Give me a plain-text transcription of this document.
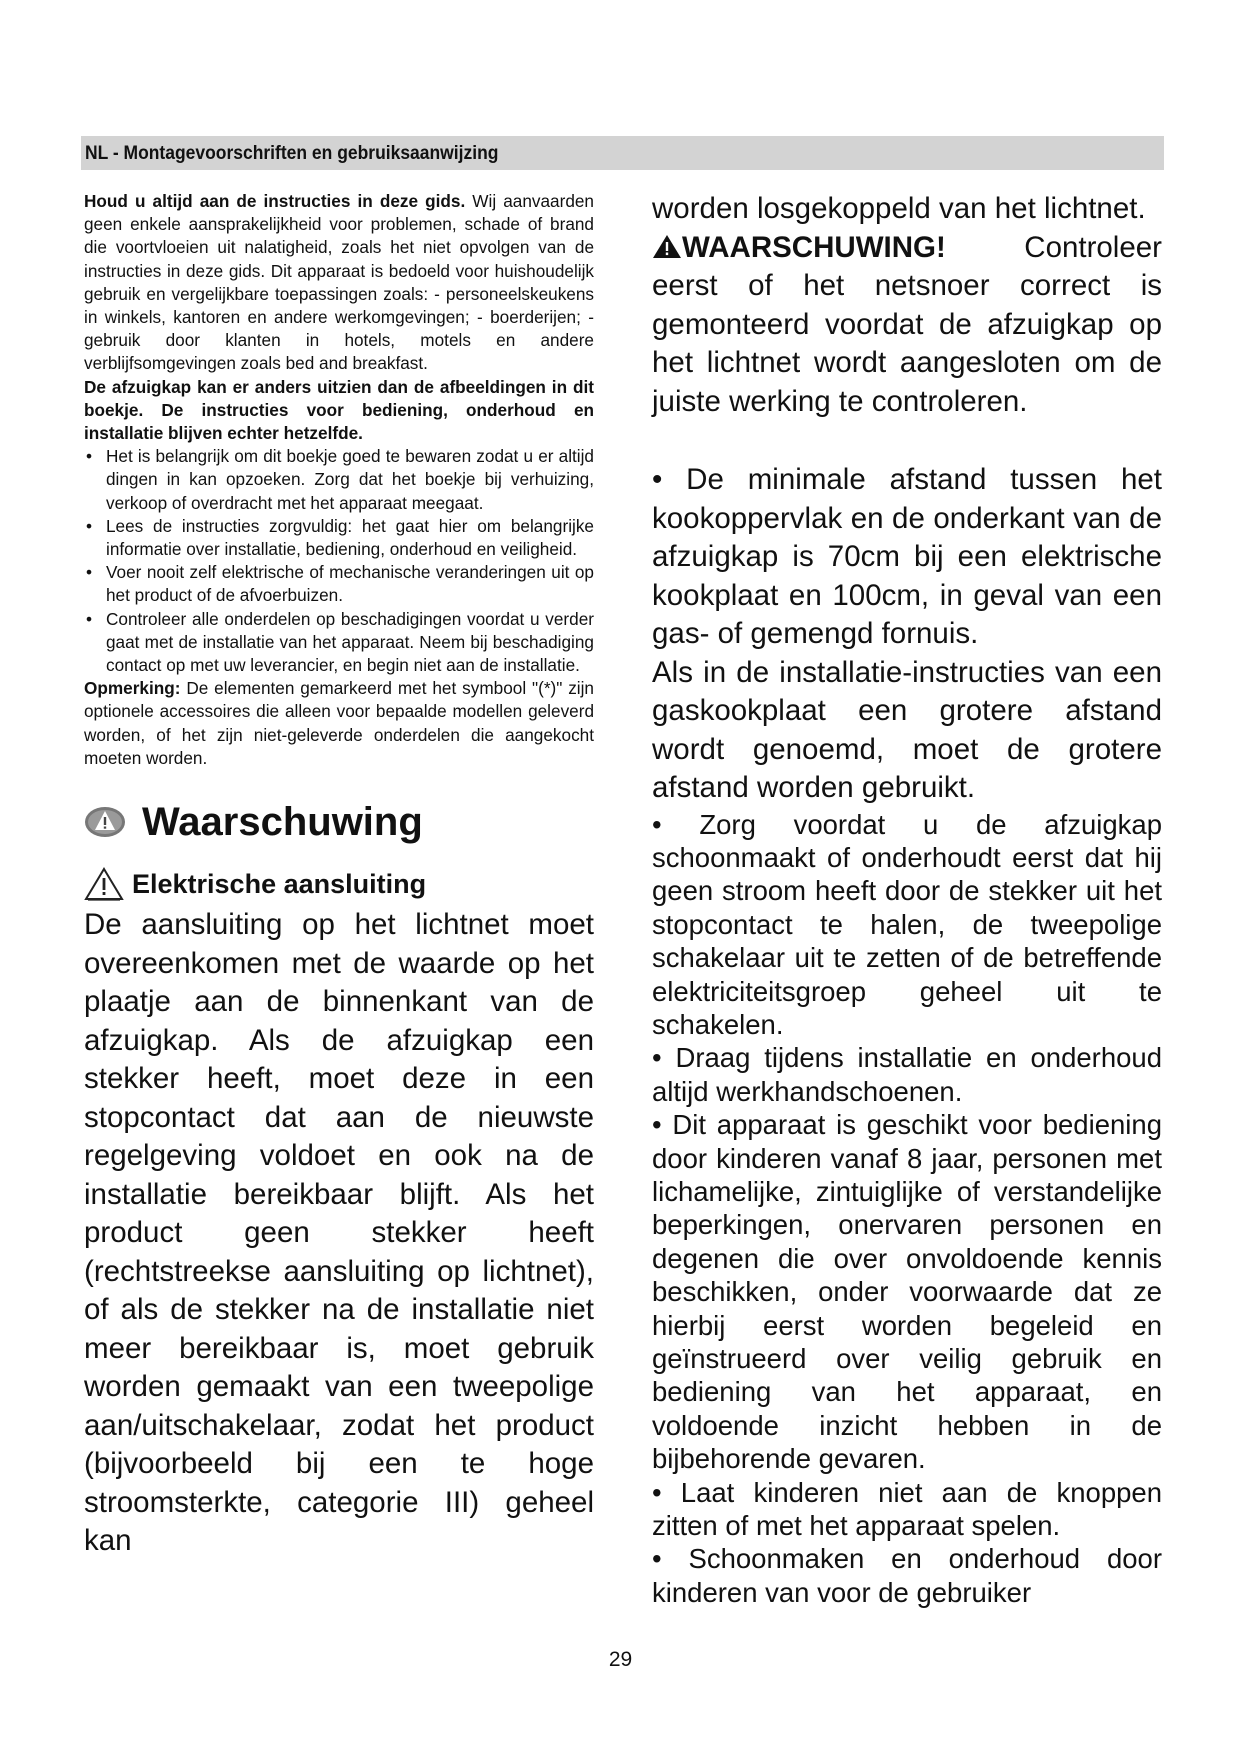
NL - Montagevoorschriften en gebruiksaanwijzing

Houd u altijd aan de instructies in deze gids. Wij aanvaarden geen enkele aansprakelijkheid voor problemen, schade of brand die voortvloeien uit nalatigheid, zoals het niet opvolgen van de instructies in deze gids. Dit apparaat is bedoeld voor huishoudelijk gebruik en vergelijkbare toepassingen zoals: - personeelskeukens in winkels, kantoren en andere werkomgevingen; - boerderijen; - gebruik door klanten in hotels, motels en andere verblijfsomgevingen zoals bed and breakfast.

De afzuigkap kan er anders uitzien dan de afbeeldingen in dit boekje. De instructies voor bediening, onderhoud en installatie blijven echter hetzelfde.

• Het is belangrijk om dit boekje goed te bewaren zodat u er altijd dingen in kan opzoeken. Zorg dat het boekje bij verhuizing, verkoop of overdracht met het apparaat meegaat.
• Lees de instructies zorgvuldig: het gaat hier om belangrijke informatie over installatie, bediening, onderhoud en veiligheid.
• Voer nooit zelf elektrische of mechanische veranderingen uit op het product of de afvoerbuizen.
• Controleer alle onderdelen op beschadigingen voordat u verder gaat met de installatie van het apparaat. Neem bij beschadiging contact op met uw leverancier, en begin niet aan de installatie.

Opmerking: De elementen gemarkeerd met het symbool "(*)" zijn optionele accessoires die alleen voor bepaalde modellen geleverd worden, of het zijn niet-geleverde onderdelen die aangekocht moeten worden.

Waarschuwing
Elektrische aansluiting

De aansluiting op het lichtnet moet overeenkomen met de waarde op het plaatje aan de binnenkant van de afzuigkap. Als de afzuigkap een stekker heeft, moet deze in een stopcontact dat aan de nieuwste regelgeving voldoet en ook na de installatie bereikbaar blijft. Als het product geen stekker heeft (rechtstreekse aansluiting op lichtnet), of als de stekker na de installatie niet meer bereikbaar is, moet gebruik worden gemaakt van een tweepolige aan/uitschakelaar, zodat het product (bijvoorbeeld bij een te hoge stroomsterkte, categorie III) geheel kan

worden losgekoppeld van het lichtnet.

WAARSCHUWING! Controleer eerst of het netsnoer correct is gemonteerd voordat de afzuigkap op het lichtnet wordt aangesloten om de juiste werking te controleren.

• De minimale afstand tussen het kookoppervlak en de onderkant van de afzuigkap is 70cm bij een elektrische kookplaat en 100cm, in geval van een gas- of gemengd fornuis.

Als in de installatie-instructies van een gaskookplaat een grotere afstand wordt genoemd, moet de grotere afstand worden gebruikt.

• Zorg voordat u de afzuigkap schoonmaakt of onderhoudt eerst dat hij geen stroom heeft door de stekker uit het stopcontact te halen, de tweepolige schakelaar uit te zetten of de betreffende elektriciteitsgroep geheel uit te schakelen.

• Draag tijdens installatie en onderhoud altijd werkhandschoenen.

• Dit apparaat is geschikt voor bediening door kinderen vanaf 8 jaar, personen met lichamelijke, zintuiglijke of verstandelijke beperkingen, onervaren personen en degenen die over onvoldoende kennis beschikken, onder voorwaarde dat ze hierbij eerst worden begeleid en geïnstrueerd over veilig gebruik en bediening van het apparaat, en voldoende inzicht hebben in de bijbehorende gevaren.

• Laat kinderen niet aan de knoppen zitten of met het apparaat spelen.

• Schoonmaken en onderhoud door kinderen van voor de gebruiker

29
